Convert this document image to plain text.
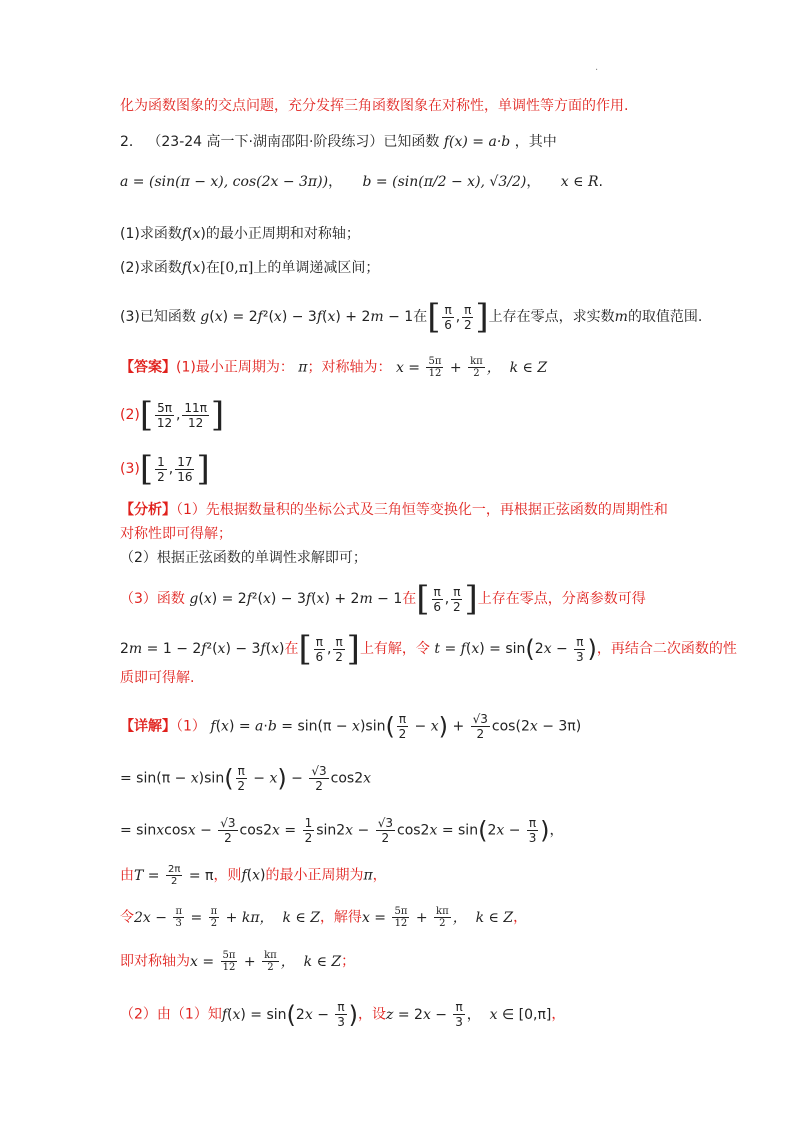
.
化为函数图象的交点问题，充分发挥三角函数图象在对称性，单调性等方面的作用.
2． （23-24 高一下·湖南邵阳·阶段练习）已知函数 f(x) = a·b ，其中
a = (sin(π − x), cos(2x − 3π))， b = (sin(π/2 − x), √3/2)， x ∈ R.
(1)求函数f(x)的最小正周期和对称轴；
(2)求函数f(x)在[0,π]上的单调递减区间；
(3)已知函数 g(x) = 2f²(x) − 3f(x) + 2m − 1在[ $\frac{\pi}{6}$ , $\frac{\pi}{2}$ ]上存在零点，求实数m的取值范围.
【答案】(1)最小正周期为： π；对称轴为： $x = \frac{5\pi}{12} + \frac{k\pi}{2}$ ，  k ∈ Z
$(2)[ \frac{5\pi}{12}$ , $\frac{11\pi}{12}$ ]
$(3)[ \frac{1}{2}$ , $\frac{17}{16}$ ]
【分析】（1）先根据数量积的坐标公式及三角恒等变换化一，再根据正弦函数的周期性和
对称性即可得解；
（2）根据正弦函数的单调性求解即可；
（3）函数 g(x) = 2f²(x) − 3f(x) + 2m − 1在[ $\frac{\pi}{6}$ , $\frac{\pi}{2}$ ]上存在零点，分离参数可得
2m = 1 − 2f²(x) − 3f(x)在[ $\frac{\pi}{6}$ , $\frac{\pi}{2}$ ]上有解，令 $t = f(x) = \sin(2x - \frac{\pi}{3}$ )，再结合二次函数的性
质即可得解.
【详解】（1） $f(x) = a\cdot b = \sin(\pi - x)\sin( \frac{\pi}{2} - x) + \frac{√3}{2} \cos(2x - 3\pi)$
= $\sin(\pi - x)\sin( \frac{\pi}{2} - x) - \frac{√3}{2} \cos 2x$
= sinxcosx − $\frac{√3}{2} \cos 2x = \frac{1}{2} \sin 2x - \frac{√3}{2} \cos 2x = \sin(2x - \frac{\pi}{3}$ )，
由$T = \frac{2\pi}{2} = \pi$，则f(x)的最小正周期为π，
令$2x - \frac{\pi}{3} = \frac{\pi}{2} + k\pi$，  k ∈ Z，解得$x = \frac{5\pi}{12} + \frac{k\pi}{2}$ ，  k ∈ Z，
即对称轴为$x = \frac{5\pi}{12} + \frac{k\pi}{2}$ ，  k ∈ Z；
（2）由（1）知$f(x) = \sin(2x - \frac{\pi}{3}$ )，设$z = 2x - \frac{\pi}{3}$ ，  x ∈ [0,π]，
